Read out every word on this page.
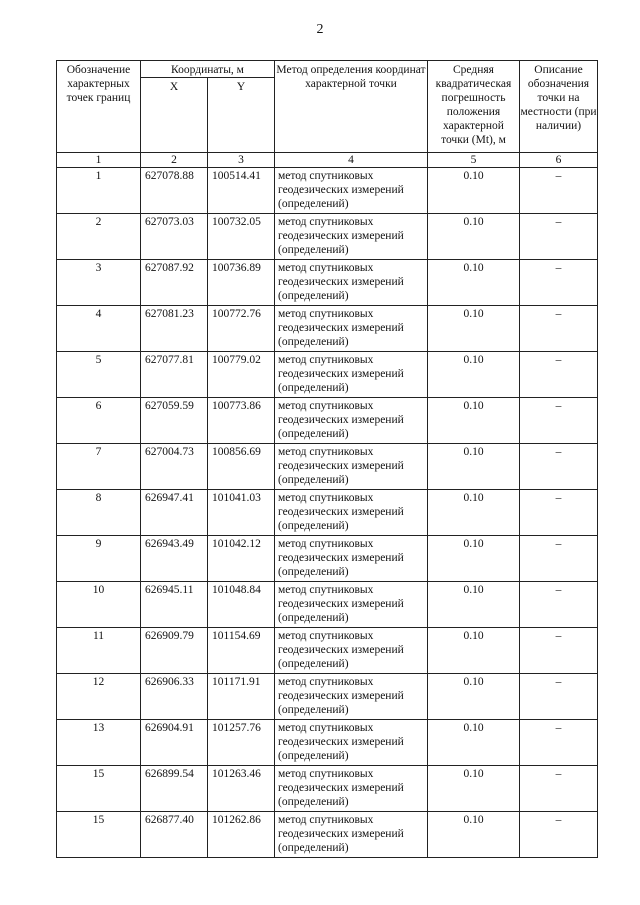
2
Обозначение характерных точек границ	Координаты, м		Метод определения координат характерной точки	Средняя квадратическая погрешность положения характерной точки (Mt), м	Описание обозначения точки на местности (при наличии)
	X	Y			
1	2	3	4	5	6
1	627078.88	100514.41	метод спутниковых геодезических измерений (определений)	0.10	–
2	627073.03	100732.05	метод спутниковых геодезических измерений (определений)	0.10	–
3	627087.92	100736.89	метод спутниковых геодезических измерений (определений)	0.10	–
4	627081.23	100772.76	метод спутниковых геодезических измерений (определений)	0.10	–
5	627077.81	100779.02	метод спутниковых геодезических измерений (определений)	0.10	–
6	627059.59	100773.86	метод спутниковых геодезических измерений (определений)	0.10	–
7	627004.73	100856.69	метод спутниковых геодезических измерений (определений)	0.10	–
8	626947.41	101041.03	метод спутниковых геодезических измерений (определений)	0.10	–
9	626943.49	101042.12	метод спутниковых геодезических измерений (определений)	0.10	–
10	626945.11	101048.84	метод спутниковых геодезических измерений (определений)	0.10	–
11	626909.79	101154.69	метод спутниковых геодезических измерений (определений)	0.10	–
12	626906.33	101171.91	метод спутниковых геодезических измерений (определений)	0.10	–
13	626904.91	101257.76	метод спутниковых геодезических измерений (определений)	0.10	–
15	626899.54	101263.46	метод спутниковых геодезических измерений (определений)	0.10	–
15	626877.40	101262.86	метод спутниковых геодезических измерений (определений)	0.10	–
